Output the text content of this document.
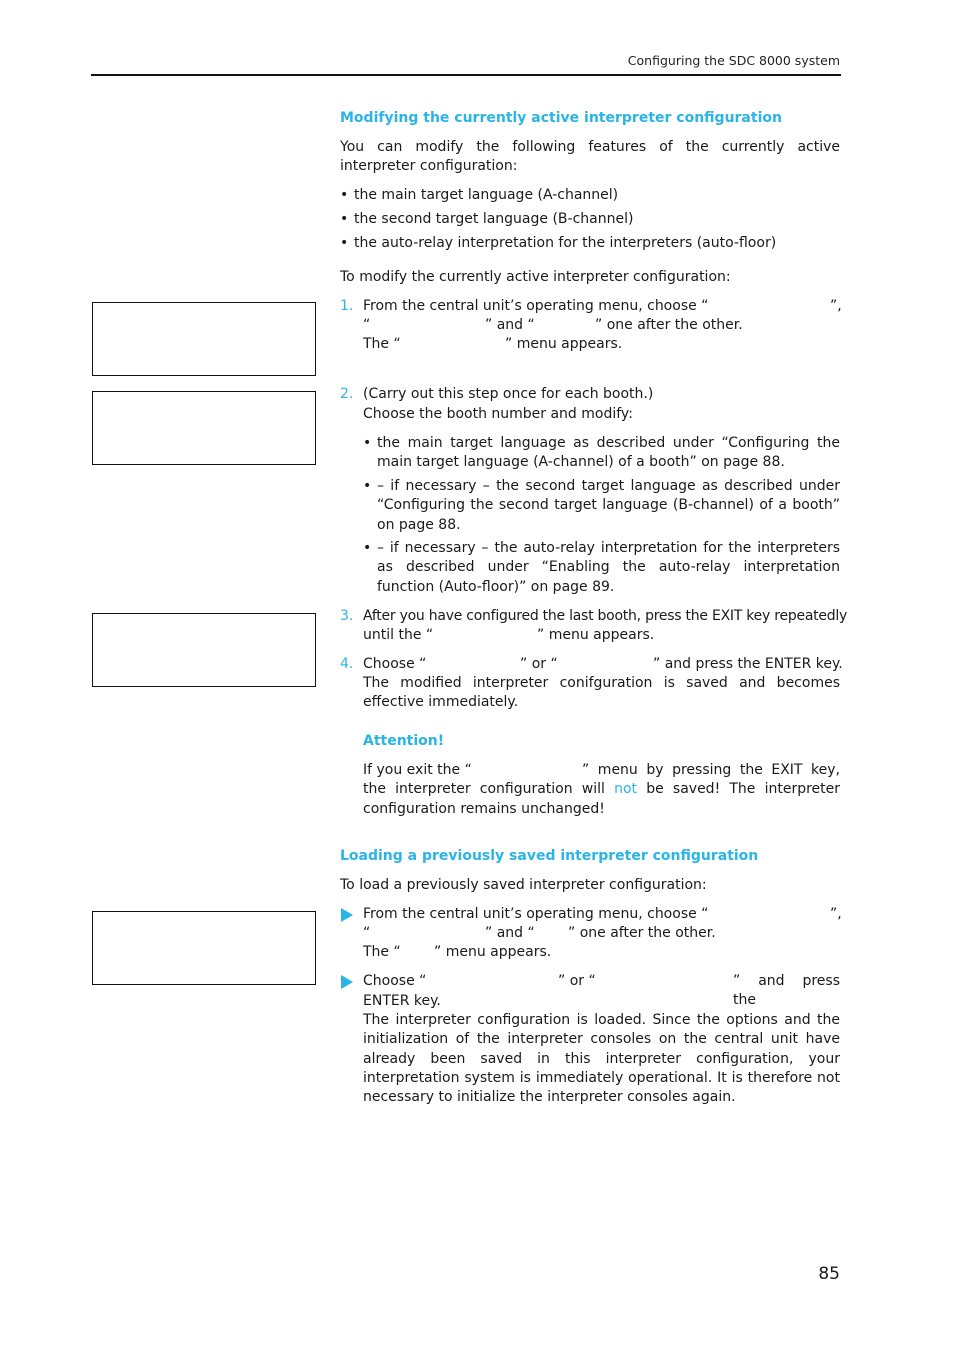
Configuring the SDC 8000 system
Modifying the currently active interpreter configuration
You can modify the following features of the currently active interpreter configuration:
• the main target language (A-channel)
• the second target language (B-channel)
• the auto-relay interpretation for the interpreters (auto-floor)
To modify the currently active interpreter configuration:
1. From the central unit’s operating menu, choose “	”,
“	” and “	” one after the other.
The “	” menu appears.
2. (Carry out this step once for each booth.)
Choose the booth number and modify:
• the main target language as described under “Configuring the main target language (A-channel) of a booth” on page 88.
• – if necessary – the second target language as described under “Configuring the second target language (B-channel) of a booth” on page 88.
• – if necessary – the auto-relay interpretation for the interpreters as described under “Enabling the auto-relay interpretation function (Auto-floor)” on page 89.
3. After you have configured the last booth, press the EXIT key repeatedly
until the “	” menu appears.
4. Choose “	” or “	” and press the ENTER key.
The modified interpreter conifguration is saved and becomes effective immediately.
Attention!
If you exit the “	” menu by pressing the EXIT key, the interpreter configuration will not be saved! The interpreter configuration remains unchanged!
Loading a previously saved interpreter configuration
To load a previously saved interpreter configuration:
From the central unit’s operating menu, choose “	”,
“	” and “ ” one after the other.
The “ ” menu appears.
Choose “	” or “	” and press the
ENTER key.
The interpreter configuration is loaded. Since the options and the initialization of the interpreter consoles on the central unit have already been saved in this interpreter configuration, your interpretation system is immediately operational. It is therefore not necessary to initialize the interpreter consoles again.
85
